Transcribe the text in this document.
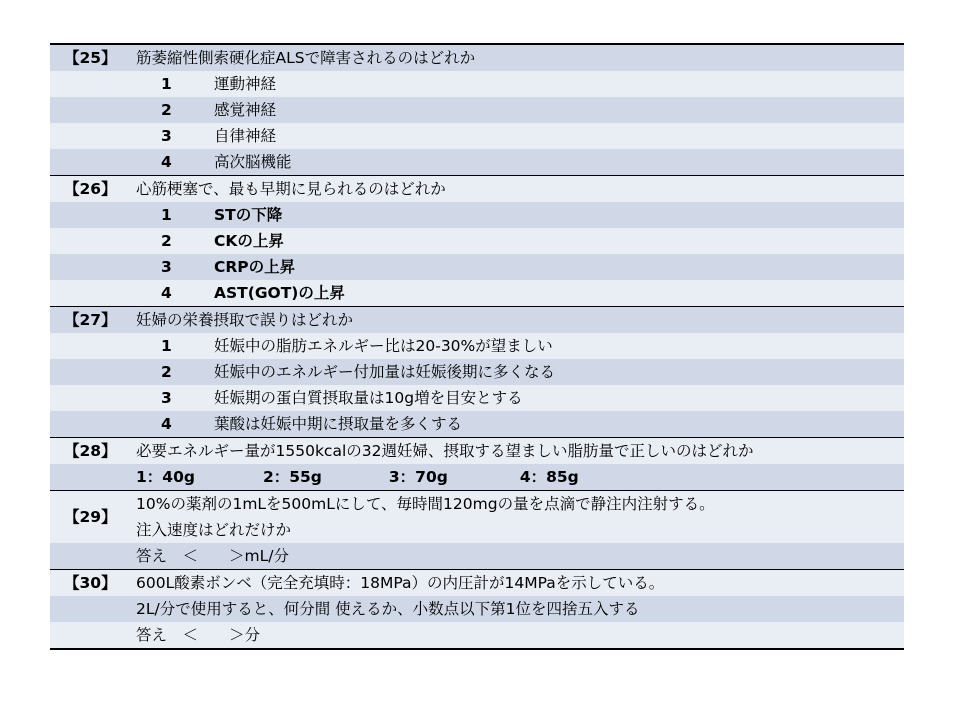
【25】	筋萎縮性側索硬化症ALSで障害されるのはどれか
1	運動神経
2	感覚神経
3	自律神経
4	高次脳機能
【26】	心筋梗塞で、最も早期に見られるのはどれか
1	STの下降
2	CKの上昇
3	CRPの上昇
4	AST(GOT)の上昇
【27】	妊婦の栄養摂取で誤りはどれか
1	妊娠中の脂肪エネルギー比は20-30%が望ましい
2	妊娠中のエネルギー付加量は妊娠後期に多くなる
3	妊娠期の蛋白質摂取量は10g増を目安とする
4	葉酸は妊娠中期に摂取量を多くする
【28】	必要エネルギー量が1550kcalの32週妊婦、摂取する望ましい脂肪量で正しいのはどれか
1：40g	2：55g	3：70g	4：85g
【29】
10%の薬剤の1mLを500mLにして、毎時間120mgの量を点滴で静注内注射する。
注入速度はどれだけか
答え　＜　　＞mL/分
【30】	600L酸素ボンベ（完全充填時：18MPa）の内圧計が14MPaを示している。
2L/分で使用すると、何分間 使えるか、小数点以下第1位を四捨五入する
答え　＜　　＞分
